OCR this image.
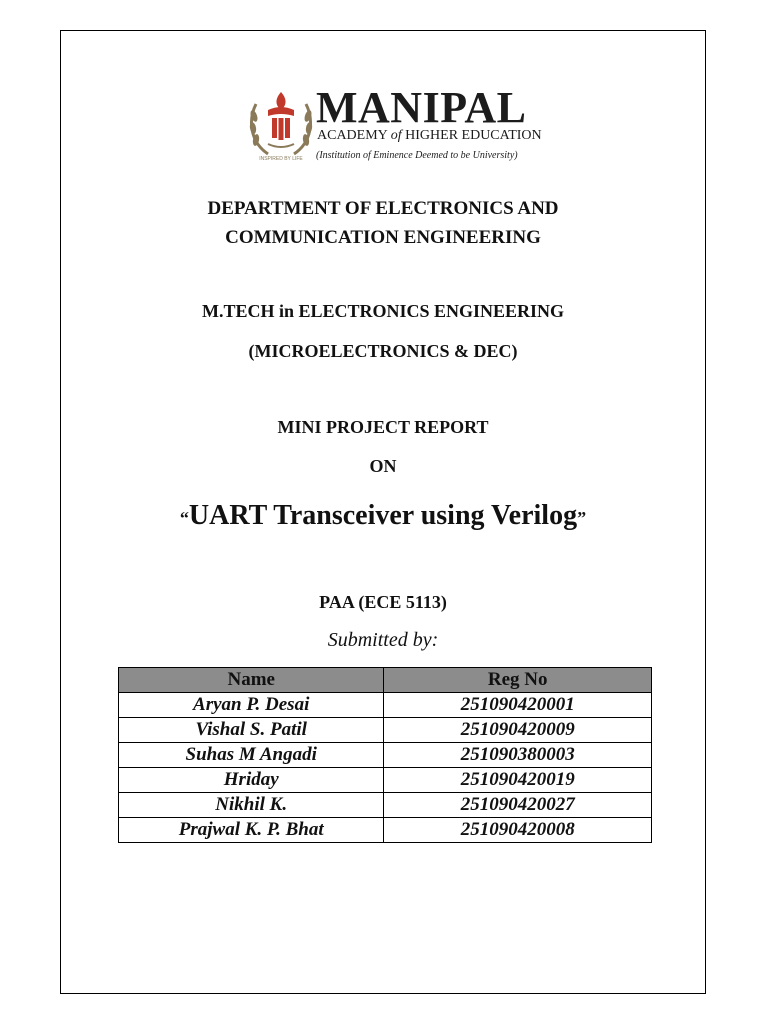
INSPIRED BY LIFE
MANIPAL
ACADEMY of HIGHER EDUCATION
(Institution of Eminence Deemed to be University)
DEPARTMENT OF ELECTRONICS AND
COMMUNICATION ENGINEERING
M.TECH in ELECTRONICS ENGINEERING
(MICROELECTRONICS & DEC)
MINI PROJECT REPORT
ON
“UART Transceiver using Verilog”
PAA (ECE 5113)
Submitted by:
Name	Reg No
Aryan P. Desai	251090420001
Vishal S. Patil	251090420009
Suhas M Angadi	251090380003
Hriday	251090420019
Nikhil K.	251090420027
Prajwal K. P. Bhat	251090420008
